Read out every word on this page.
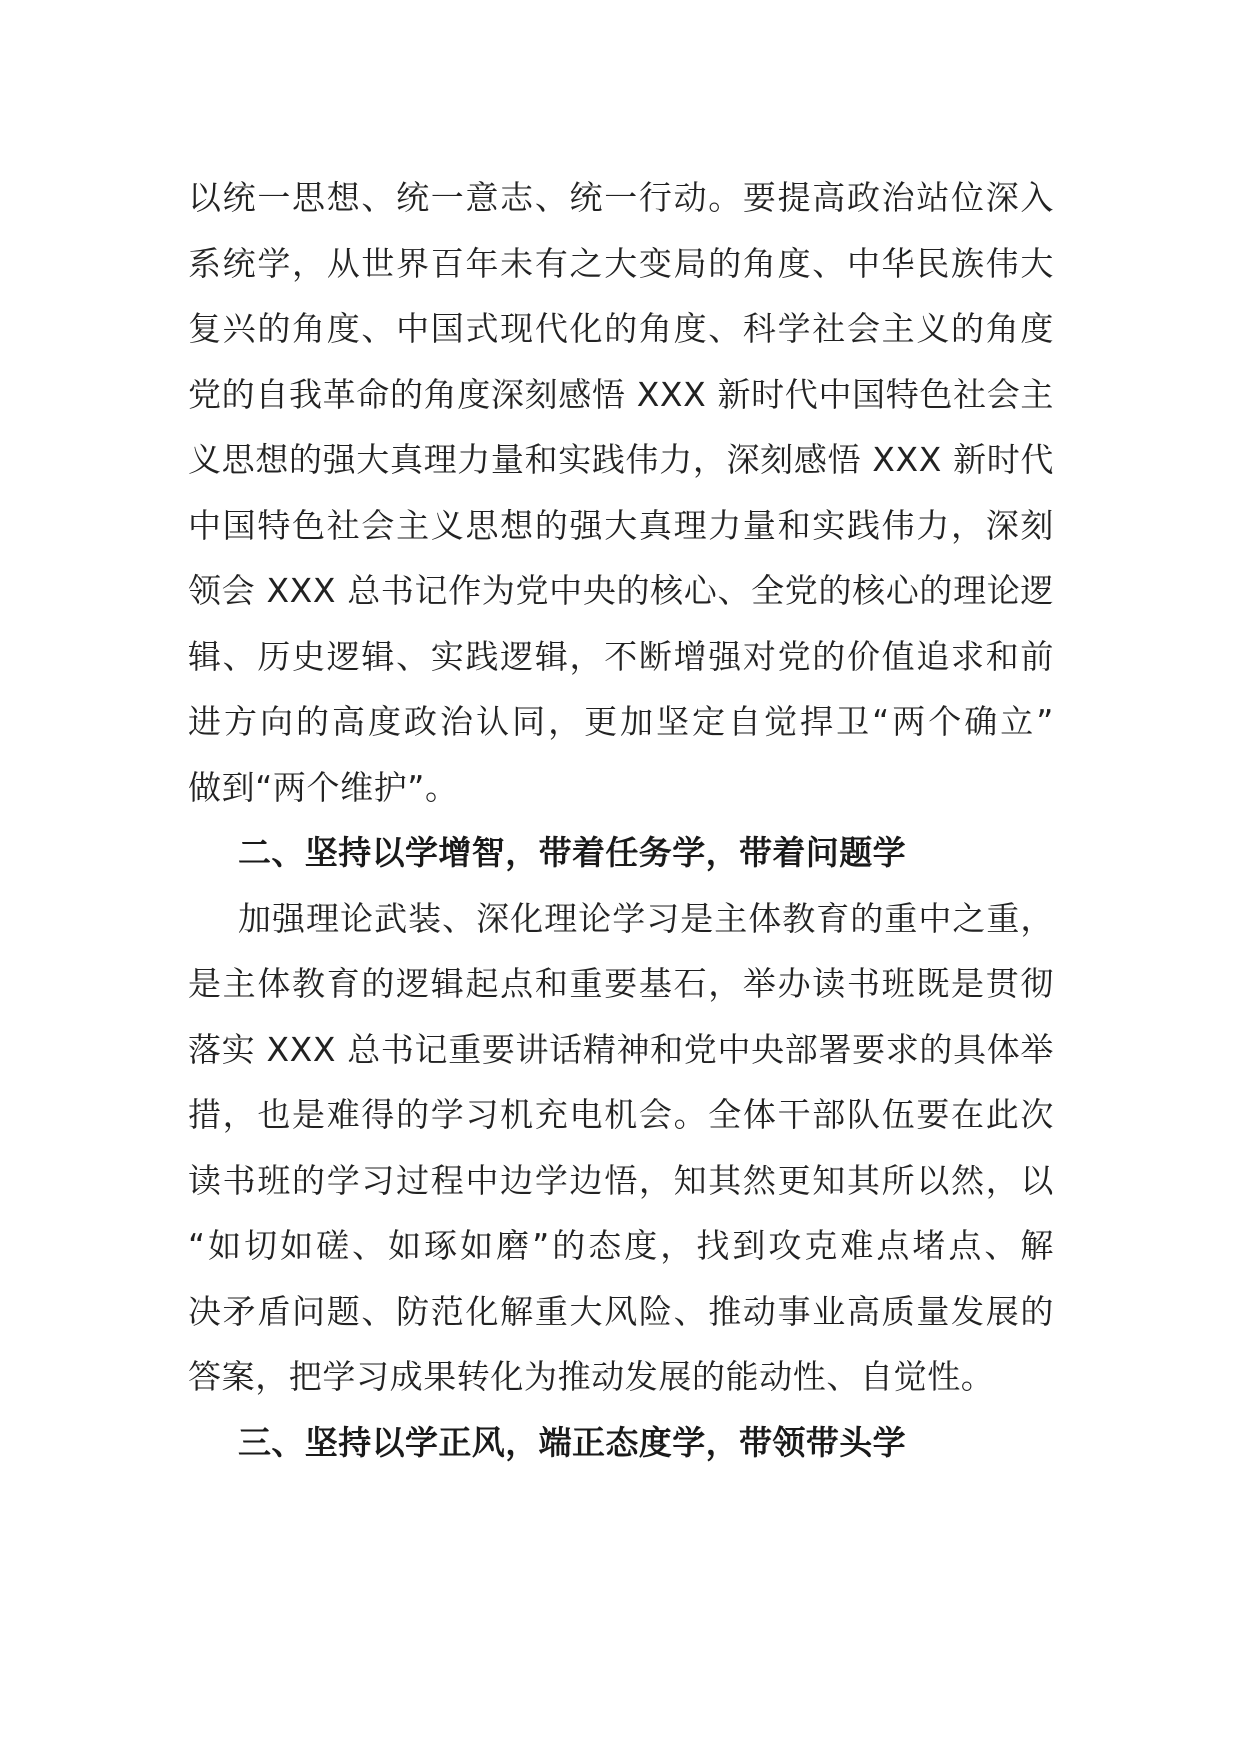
以统一思想、统一意志、统一行动。要提高政治站位深入
系统学，从世界百年未有之大变局的角度、中华民族伟大
复兴的角度、中国式现代化的角度、科学社会主义的角度
党的自我革命的角度深刻感悟 XXX 新时代中国特色社会主
义思想的强大真理力量和实践伟力，深刻感悟 XXX 新时代
中国特色社会主义思想的强大真理力量和实践伟力，深刻
领会 XXX 总书记作为党中央的核心、全党的核心的理论逻
辑、历史逻辑、实践逻辑，不断增强对党的价值追求和前
进方向的高度政治认同，更加坚定自觉捍卫“两个确立”
做到“两个维护”。

二、坚持以学增智，带着任务学，带着问题学

加强理论武装、深化理论学习是主体教育的重中之重，
是主体教育的逻辑起点和重要基石，举办读书班既是贯彻
落实 XXX 总书记重要讲话精神和党中央部署要求的具体举
措，也是难得的学习机充电机会。全体干部队伍要在此次
读书班的学习过程中边学边悟，知其然更知其所以然，以
“如切如磋、如琢如磨”的态度，找到攻克难点堵点、解
决矛盾问题、防范化解重大风险、推动事业高质量发展的
答案，把学习成果转化为推动发展的能动性、自觉性。

三、坚持以学正风，端正态度学，带领带头学
